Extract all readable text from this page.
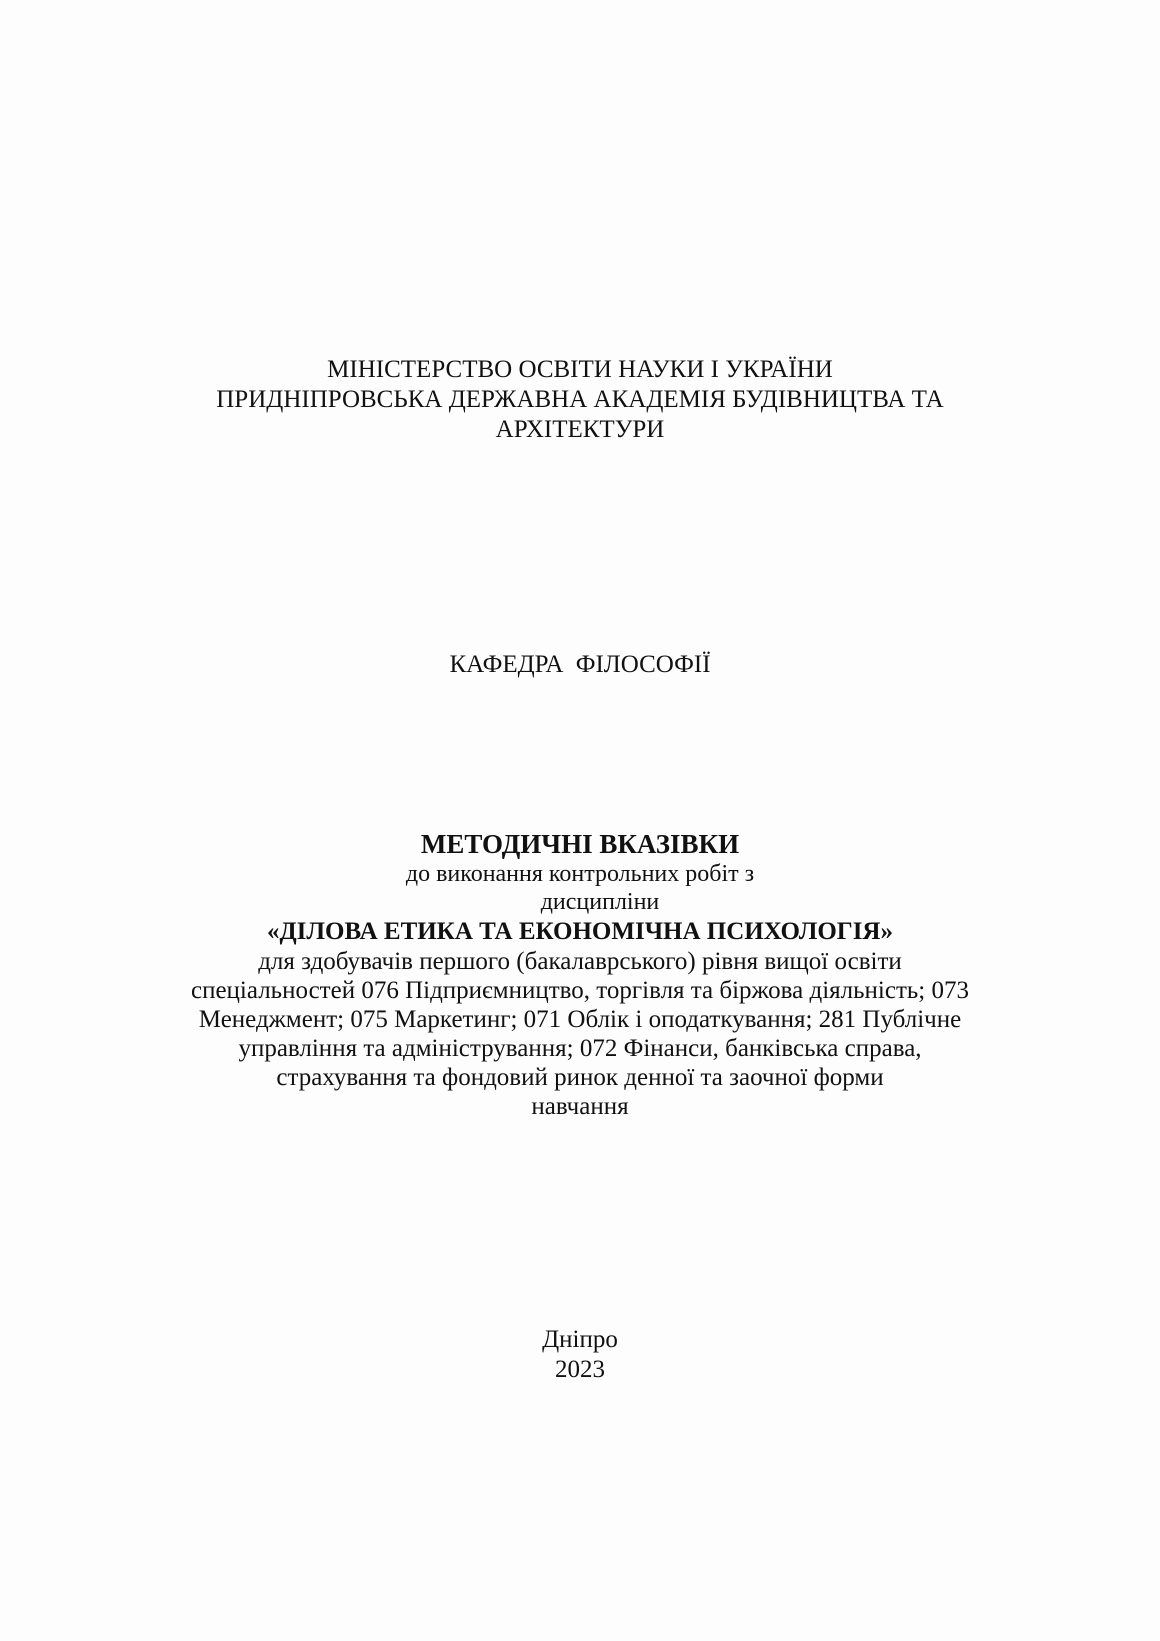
МІНІСТЕРСТВО ОСВІТИ НАУКИ І УКРАЇНИ
ПРИДНІПРОВСЬКА ДЕРЖАВНА АКАДЕМІЯ БУДІВНИЦТВА ТА
АРХІТЕКТУРИ
КАФЕДРА ФІЛОСОФІЇ
МЕТОДИЧНІ ВКАЗІВКИ
до виконання контрольних робіт з
дисципліни
«ДІЛОВА ЕТИКА ТА ЕКОНОМІЧНА ПСИХОЛОГІЯ»
для здобувачів першого (бакалаврського) рівня вищої освіти
спеціальностей 076 Підприємництво, торгівля та біржова діяльність; 073
Менеджмент; 075 Маркетинг; 071 Облік і оподаткування; 281 Публічне
управління та адміністрування; 072 Фінанси, банківська справа,
страхування та фондовий ринок денної та заочної форми
навчання
Дніпро
2023
